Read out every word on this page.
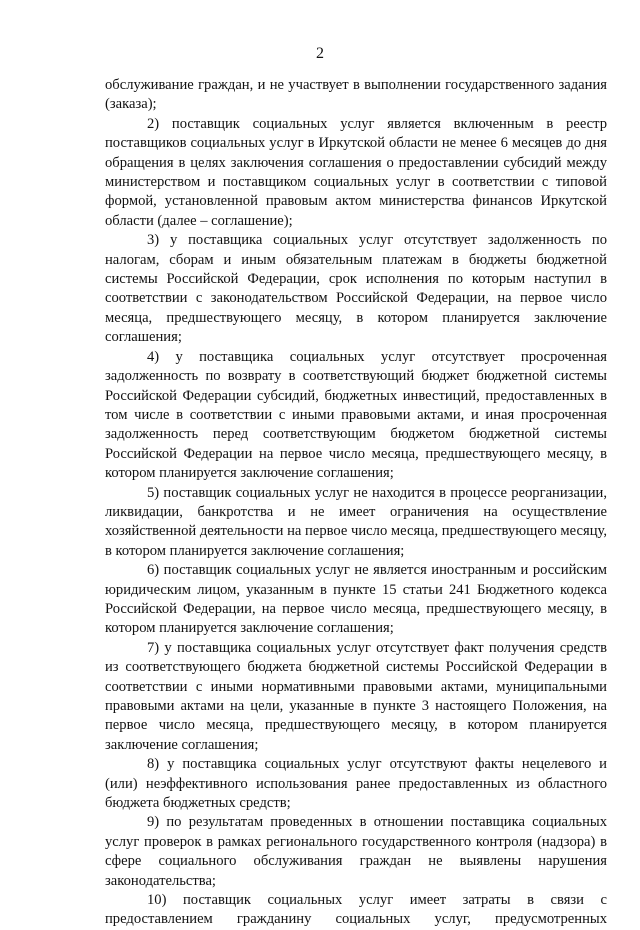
2

обслуживание граждан, и не участвует в выполнении государственного задания (заказа);

2) поставщик социальных услуг является включенным в реестр поставщиков социальных услуг в Иркутской области не менее 6 месяцев до дня обращения в целях заключения соглашения о предоставлении субсидий между министерством и поставщиком социальных услуг в соответствии с типовой формой, установленной правовым актом министерства финансов Иркутской области (далее – соглашение);

3) у поставщика социальных услуг отсутствует задолженность по налогам, сборам и иным обязательным платежам в бюджеты бюджетной системы Российской Федерации, срок исполнения по которым наступил в соответствии с законодательством Российской Федерации, на первое число месяца, предшествующего месяцу, в котором планируется заключение соглашения;

4) у поставщика социальных услуг отсутствует просроченная задолженность по возврату в соответствующий бюджет бюджетной системы Российской Федерации субсидий, бюджетных инвестиций, предоставленных в том числе в соответствии с иными правовыми актами, и иная просроченная задолженность перед соответствующим бюджетом бюджетной системы Российской Федерации на первое число месяца, предшествующего месяцу, в котором планируется заключение соглашения;

5) поставщик социальных услуг не находится в процессе реорганизации, ликвидации, банкротства и не имеет ограничения на осуществление хозяйственной деятельности на первое число месяца, предшествующего месяцу, в котором планируется заключение соглашения;

6) поставщик социальных услуг не является иностранным и российским юридическим лицом, указанным в пункте 15 статьи 241 Бюджетного кодекса Российской Федерации, на первое число месяца, предшествующего месяцу, в котором планируется заключение соглашения;

7) у поставщика социальных услуг отсутствует факт получения средств из соответствующего бюджета бюджетной системы Российской Федерации в соответствии с иными нормативными правовыми актами, муниципальными правовыми актами на цели, указанные в пункте 3 настоящего Положения, на первое число месяца, предшествующего месяцу, в котором планируется заключение соглашения;

8) у поставщика социальных услуг отсутствуют факты нецелевого и (или) неэффективного использования ранее предоставленных из областного бюджета бюджетных средств;

9) по результатам проведенных в отношении поставщика социальных услуг проверок в рамках регионального государственного контроля (надзора) в сфере социального обслуживания граждан не выявлены нарушения законодательства;

10) поставщик социальных услуг имеет затраты в связи с предоставлением гражданину социальных услуг, предусмотренных
